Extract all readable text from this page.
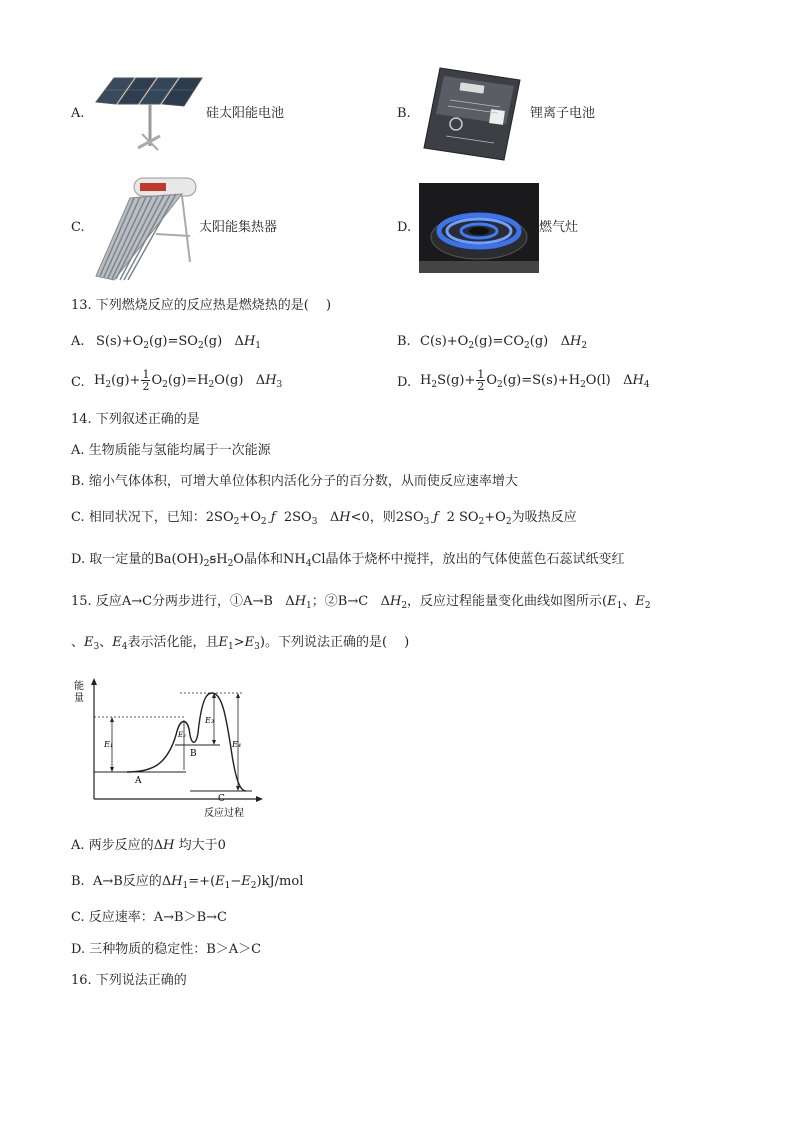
A.	硅太阳能电池	B.	锂离子电池
C.	太阳能集热器	D.	燃气灶
13. 下列燃烧反应的反应热是燃烧热的是(　 )
A. $S(s)+O_2(g)=SO_2(g)$   $\Delta H_1$	B. $C(s)+O_2(g)=CO_2(g)$   $\Delta H_2$
C. $H_2(g)+ \frac{1}{2} O_2(g)=H_2O(g)$   $\Delta H_3$	D. $H_2S(g)+ \frac{1}{2} O_2(g)=S(s)+H_2O(l)$   $\Delta H_4$
14. 下列叙述正确的是
A. 生物质能与氢能均属于一次能源
B. 缩小气体体积，可增大单位体积内活化分子的百分数，从而使反应速率增大
C. 相同状况下，已知：$2SO_2+O_2$ ƒ  $2SO_3$   ΔH<0，则$2SO_3$ ƒ  2 $SO_2+O_2$为吸热反应
D. 取一定量的$Ba(OH)_2ꞩH_2O$晶体和$NH_4Cl$晶体于烧杯中搅拌，放出的气体使蓝色石蕊试纸变红
15. 反应A→C分两步进行，①A→B   $\Delta H_1$；②B→C   $\Delta H_2$，反应过程能量变化曲线如图所示($E_1$、$E_2$
、$E_3$、$E_4$表示活化能，且$E_1>E_3$)。下列说法正确的是(　 )
能
量
反应过程
E₁
E₂
E₃
E₄
A
B
C
A. 两步反应的ΔH 均大于0
B.  A→B反应的$\Delta H_1=+(E_1-E_2)kJ$/mol
C. 反应速率：A→B＞B→C
D. 三种物质的稳定性：B＞A＞C
16. 下列说法正确的
